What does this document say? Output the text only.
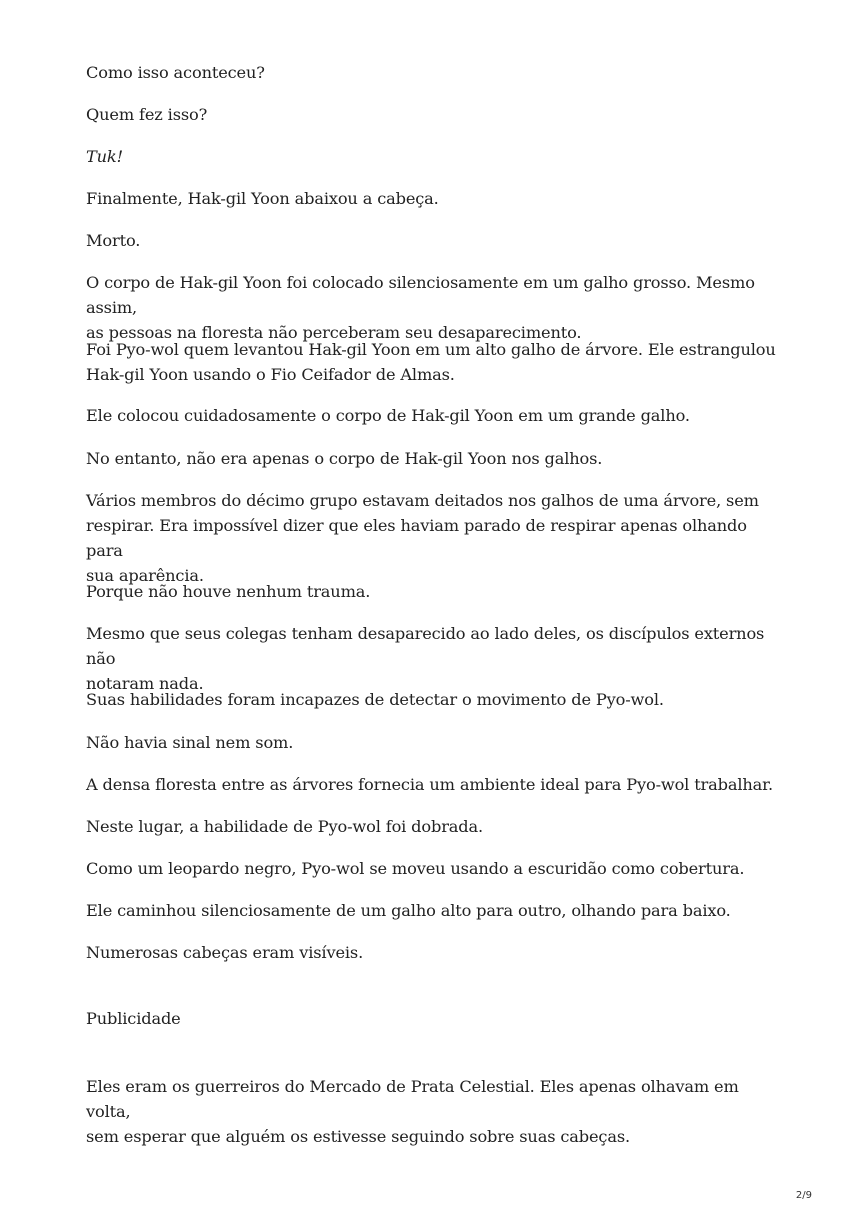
Como isso aconteceu?

Quem fez isso?

Tuk!

Finalmente, Hak-gil Yoon abaixou a cabeça.

Morto.

O corpo de Hak-gil Yoon foi colocado silenciosamente em um galho grosso. Mesmo assim,
as pessoas na floresta não perceberam seu desaparecimento.

Foi Pyo-wol quem levantou Hak-gil Yoon em um alto galho de árvore. Ele estrangulou
Hak-gil Yoon usando o Fio Ceifador de Almas.

Ele colocou cuidadosamente o corpo de Hak-gil Yoon em um grande galho.

No entanto, não era apenas o corpo de Hak-gil Yoon nos galhos.

Vários membros do décimo grupo estavam deitados nos galhos de uma árvore, sem
respirar. Era impossível dizer que eles haviam parado de respirar apenas olhando para
sua aparência.

Porque não houve nenhum trauma.

Mesmo que seus colegas tenham desaparecido ao lado deles, os discípulos externos não
notaram nada.

Suas habilidades foram incapazes de detectar o movimento de Pyo-wol.

Não havia sinal nem som.

A densa floresta entre as árvores fornecia um ambiente ideal para Pyo-wol trabalhar.

Neste lugar, a habilidade de Pyo-wol foi dobrada.

Como um leopardo negro, Pyo-wol se moveu usando a escuridão como cobertura.

Ele caminhou silenciosamente de um galho alto para outro, olhando para baixo.

Numerosas cabeças eram visíveis.

Publicidade

Eles eram os guerreiros do Mercado de Prata Celestial. Eles apenas olhavam em volta,
sem esperar que alguém os estivesse seguindo sobre suas cabeças.

2/9
